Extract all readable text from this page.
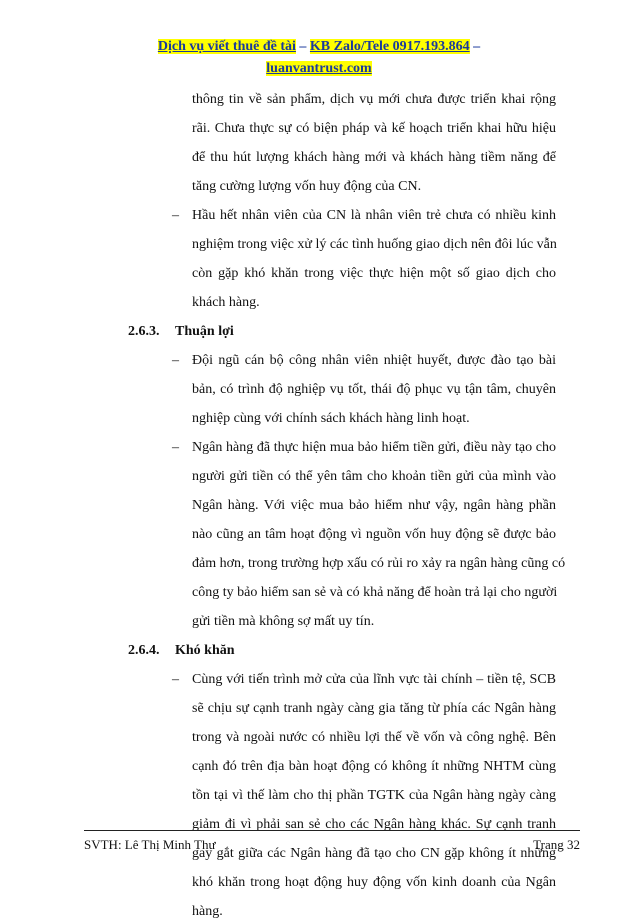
Dịch vụ viết thuê đề tài – KB Zalo/Tele 0917.193.864 –
luanvantrust.com
thông tin về sản phẩm, dịch vụ mới chưa được triển khai rộng
rãi. Chưa thực sự có biện pháp và kế hoạch triển khai hữu hiệu
để thu hút lượng khách hàng mới và khách hàng tiềm năng để
tăng cường lượng vốn huy động của CN.
– Hầu hết nhân viên của CN là nhân viên trẻ chưa có nhiều kinh
nghiệm trong việc xử lý các tình huống giao dịch nên đôi lúc vẫn
còn gặp khó khăn trong việc thực hiện một số giao dịch cho
khách hàng.
2.6.3. Thuận lợi
– Đội ngũ cán bộ công nhân viên nhiệt huyết, được đào tạo bài
bản, có trình độ nghiệp vụ tốt, thái độ phục vụ tận tâm, chuyên
nghiệp cùng với chính sách khách hàng linh hoạt.
– Ngân hàng đã thực hiện mua bảo hiểm tiền gửi, điều này tạo cho
người gửi tiền có thể yên tâm cho khoản tiền gửi của mình vào
Ngân hàng. Với việc mua bảo hiểm như vậy, ngân hàng phần
nào cũng an tâm hoạt động vì nguồn vốn huy động sẽ được bảo
đảm hơn, trong trường hợp xấu có rủi ro xảy ra ngân hàng cũng có
công ty bảo hiểm san sẻ và có khả năng để hoàn trả lại cho người
gửi tiền mà không sợ mất uy tín.
2.6.4. Khó khăn
– Cùng với tiến trình mở cửa của lĩnh vực tài chính – tiền tệ, SCB
sẽ chịu sự cạnh tranh ngày càng gia tăng từ phía các Ngân hàng
trong và ngoài nước có nhiều lợi thế về vốn và công nghệ. Bên
cạnh đó trên địa bàn hoạt động có không ít những NHTM cùng
tồn tại vì thế làm cho thị phần TGTK của Ngân hàng ngày càng
giảm đi vì phải san sẻ cho các Ngân hàng khác. Sự cạnh tranh
gay gắt giữa các Ngân hàng đã tạo cho CN gặp không ít những
khó khăn trong hoạt động huy động vốn kinh doanh của Ngân
hàng.
SVTH: Lê Thị Minh Thư	Trang 32
